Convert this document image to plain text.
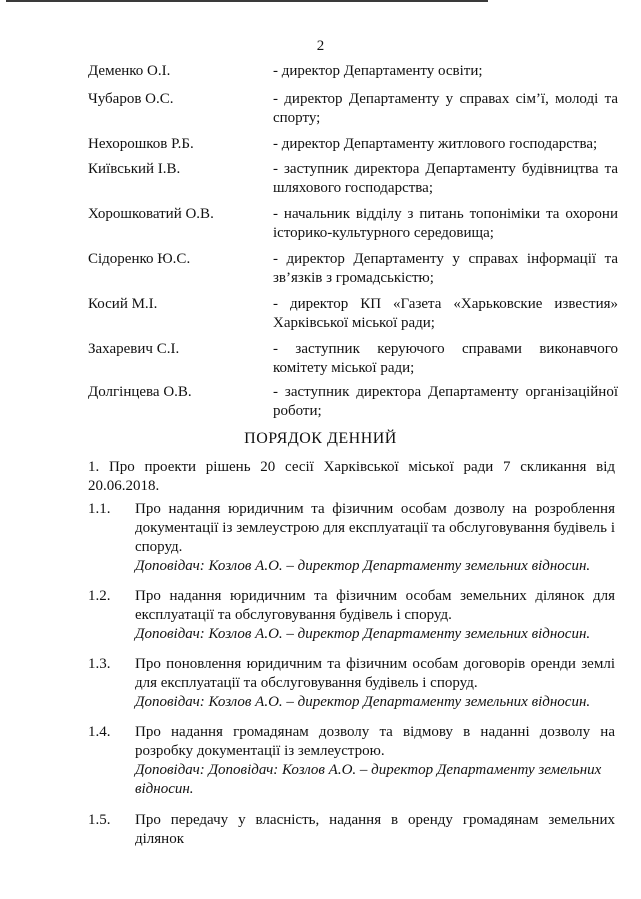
2
Деменко О.І.	- директор Департаменту освіти;
Чубаров О.С.	- директор Департаменту у справах сім’ї, молоді та спорту;
Нехорошков Р.Б.	- директор Департаменту житлового господарства;
Київський І.В.	- заступник директора Департаменту будівництва та шляхового господарства;
Хорошковатий О.В.	- начальник відділу з питань топоніміки та охорони історико-культурного середовища;
Сідоренко Ю.С.	- директор Департаменту у справах інформації та зв’язків з громадськістю;
Косий М.І.	- директор КП «Газета «Харьковские известия» Харківської міської ради;
Захаревич С.І.	- заступник керуючого справами виконавчого комітету міської ради;
Долгінцева О.В.	- заступник директора Департаменту організаційної роботи;
ПОРЯДОК ДЕННИЙ
1. Про проекти рішень 20 сесії Харківської міської ради 7 скликання від 20.06.2018.
1.1.	Про надання юридичним та фізичним особам дозволу на розроблення документації із землеустрою для експлуатації та обслуговування будівель і споруд.
Доповідач: Козлов А.О. – директор Департаменту земельних відносин.
1.2.	Про надання юридичним та фізичним особам земельних ділянок для експлуатації та обслуговування будівель і споруд.
Доповідач: Козлов А.О. – директор Департаменту земельних відносин.
1.3.	Про поновлення юридичним та фізичним особам договорів оренди землі для експлуатації та обслуговування будівель і споруд.
Доповідач: Козлов А.О. – директор Департаменту земельних відносин.
1.4.	Про надання громадянам дозволу та відмову в наданні дозволу на розробку документації із землеустрою.
Доповідач: Доповідач: Козлов А.О. – директор Департаменту земельних відносин.
1.5.	Про передачу у власність, надання в оренду громадянам земельних ділянок
